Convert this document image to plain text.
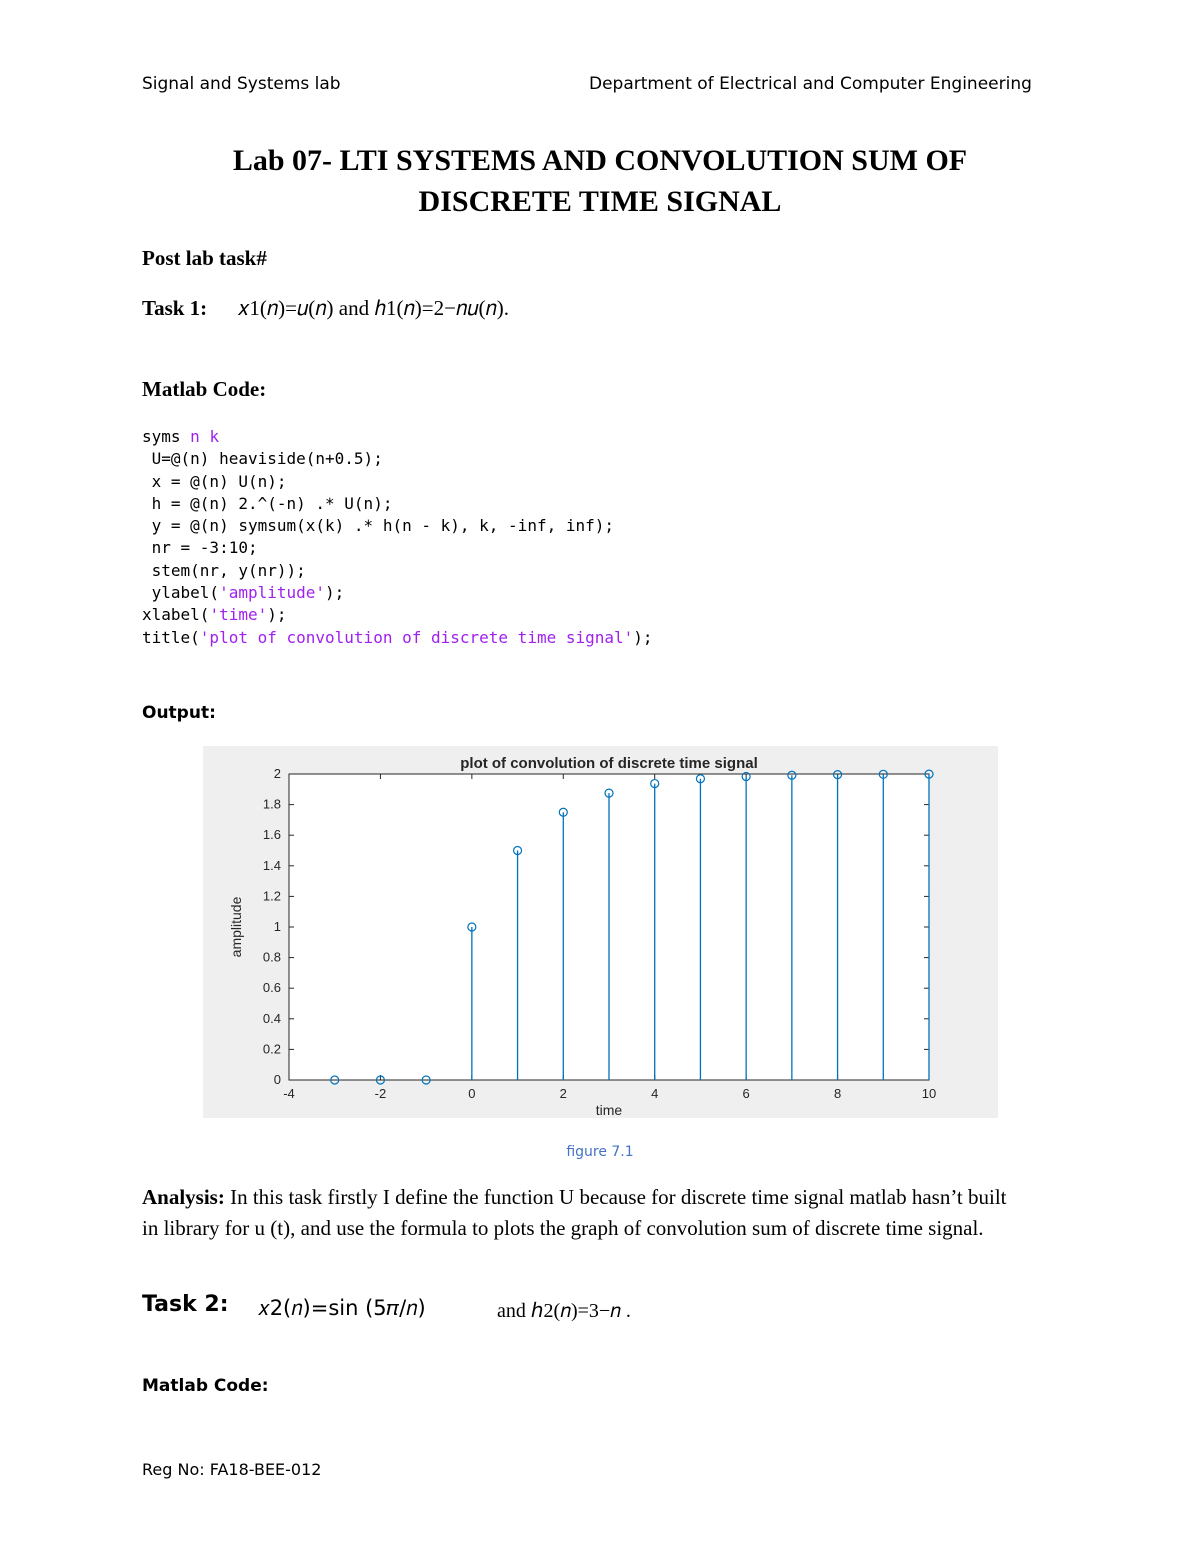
Signal and Systems lab	Department of Electrical and Computer Engineering
Lab 07- LTI SYSTEMS AND CONVOLUTION SUM OF
DISCRETE TIME SIGNAL
Post lab task#
Task 1: 𝑥1(𝑛)=𝑢(𝑛) and ℎ1(𝑛)=2−𝑛𝑢(𝑛).
Matlab Code:
syms n k
U=@(n) heaviside(n+0.5);
x = @(n) U(n);
h = @(n) 2.^(-n) .* U(n);
y = @(n) symsum(x(k) .* h(n - k), k, -inf, inf);
nr = -3:10;
stem(nr, y(nr));
ylabel('amplitude');
xlabel('time');
title('plot of convolution of discrete time signal');
Output:
plot of convolution of discrete time signal
time
amplitude
-4	-2	0	2	4	6	8	10
0
0.2
0.4
0.6
0.8
1
1.2
1.4
1.6
1.8
2
figure 7.1
Analysis: In this task firstly I define the function U because for discrete time signal matlab hasn’t built in library for u (t), and use the formula to plots the graph of convolution sum of discrete time signal.
Task 2: 𝑥2(𝑛)=sin (5𝜋/𝑛)	and ℎ2(𝑛)=3−𝑛 .
Matlab Code:
Reg No: FA18-BEE-012
